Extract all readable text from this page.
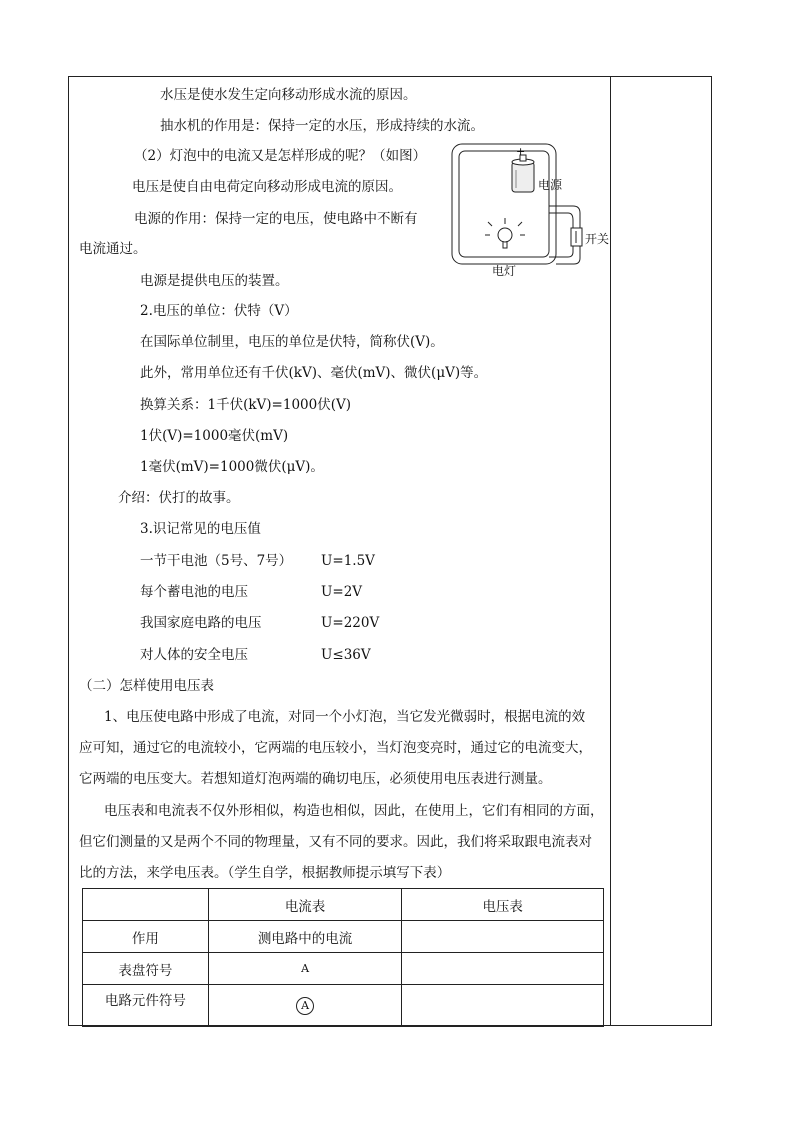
水压是使水发生定向移动形成水流的原因。
抽水机的作用是：保持一定的水压，形成持续的水流。
（2）灯泡中的电流又是怎样形成的呢？（如图）
电压是使自由电荷定向移动形成电流的原因。
电源的作用：保持一定的电压，使电路中不断有
电流通过。
电源是提供电压的装置。
2.电压的单位：伏特（V）
在国际单位制里，电压的单位是伏特，简称伏(V)。
此外，常用单位还有千伏(kV)、毫伏(mV)、微伏(μV)等。
换算关系：1千伏(kV)=1000伏(V)
1伏(V)=1000毫伏(mV)
1毫伏(mV)=1000微伏(μV)。
介绍：伏打的故事。
3.识记常见的电压值
一节干电池（5号、7号） U=1.5V
每个蓄电池的电压	U=2V
我国家庭电路的电压	U=220V
对人体的安全电压	U≤36V
（二）怎样使用电压表
1、电压使电路中形成了电流，对同一个小灯泡，当它发光微弱时，根据电流的效
应可知，通过它的电流较小，它两端的电压较小，当灯泡变亮时，通过它的电流变大，
它两端的电压变大。若想知道灯泡两端的确切电压，必须使用电压表进行测量。
电压表和电流表不仅外形相似，构造也相似，因此，在使用上，它们有相同的方面，
但它们测量的又是两个不同的物理量，又有不同的要求。因此，我们将采取跟电流表对
比的方法，来学电压表。（学生自学，根据教师提示填写下表）
+
电源
开关
电灯
	电流表	电压表
作用	测电路中的电流	
表盘符号	A	
电路元件符号	A	
